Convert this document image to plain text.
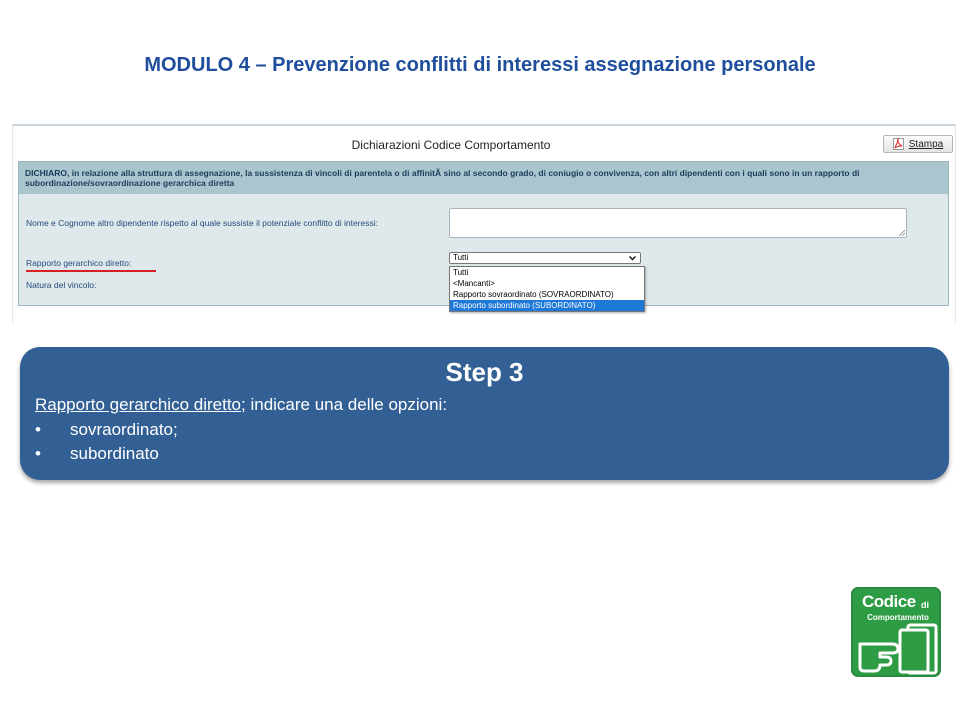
MODULO 4 – Prevenzione conflitti di interessi assegnazione personale
Dichiarazioni Codice Comportamento	Stampa
DICHIARO, in relazione alla struttura di assegnazione, la sussistenza di vincoli di parentela o di affinitÃ sino al secondo grado, di coniugio o convivenza, con altri dipendenti con i quali sono in un rapporto di subordinazione/sovraordinazione gerarchica diretta
Nome e Cognome altro dipendente rispetto al quale sussiste il potenziale conflitto di interessi:
Rapporto gerarchico diretto:
Tutti
Natura del vincolo:
Tutti
<Mancanti>
Rapporto sovraordinato (SOVRAORDINATO)
Rapporto subordinato (SUBORDINATO)
Step 3
Rapporto gerarchico diretto; indicare una delle opzioni:
• sovraordinato;
• subordinato
Codice di
Comportamento
